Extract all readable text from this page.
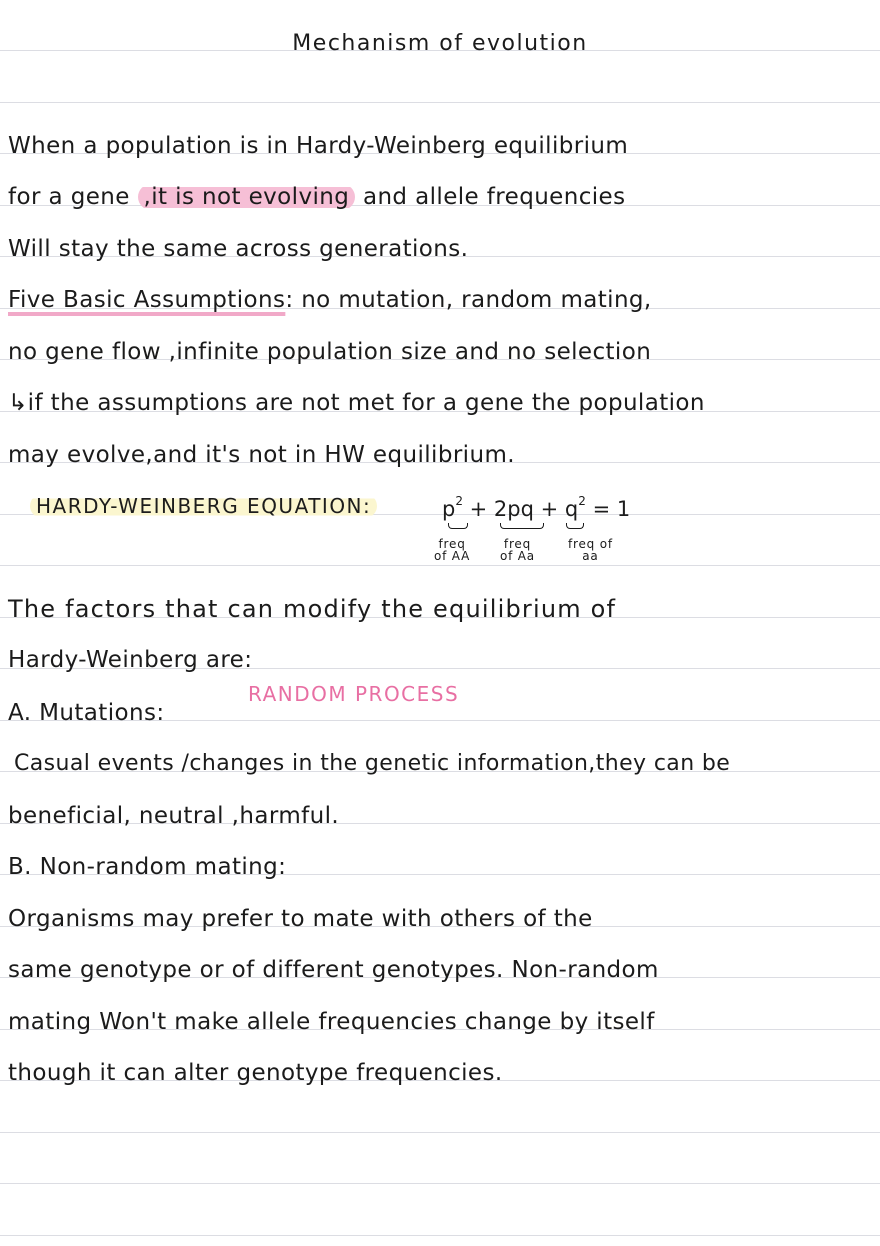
Mechanism of evolution
When a population is in Hardy-Weinberg equilibrium
for a gene ,it is not evolving and allele frequencies
Will stay the same across generations.
Five Basic Assumptions: no mutation, random mating,
no gene flow ,infinite population size and no selection
↳if the assumptions are not met for a gene the population
may evolve,and it's not in HW equilibrium.
HARDY-WEINBERG EQUATION:	$p^2 + 2pq + q^2 = 1$
freq
of AA
freq
of Aa
freq of
aa
The factors that can modify the equilibrium of
Hardy-Weinberg are:
A. Mutations:
RANDOM PROCESS
Casual events /changes in the genetic information,they can be
beneficial, neutral ,harmful.
B. Non-random mating:
Organisms may prefer to mate with others of the
same genotype or of different genotypes. Non-random
mating Won't make allele frequencies change by itself
though it can alter genotype frequencies.
